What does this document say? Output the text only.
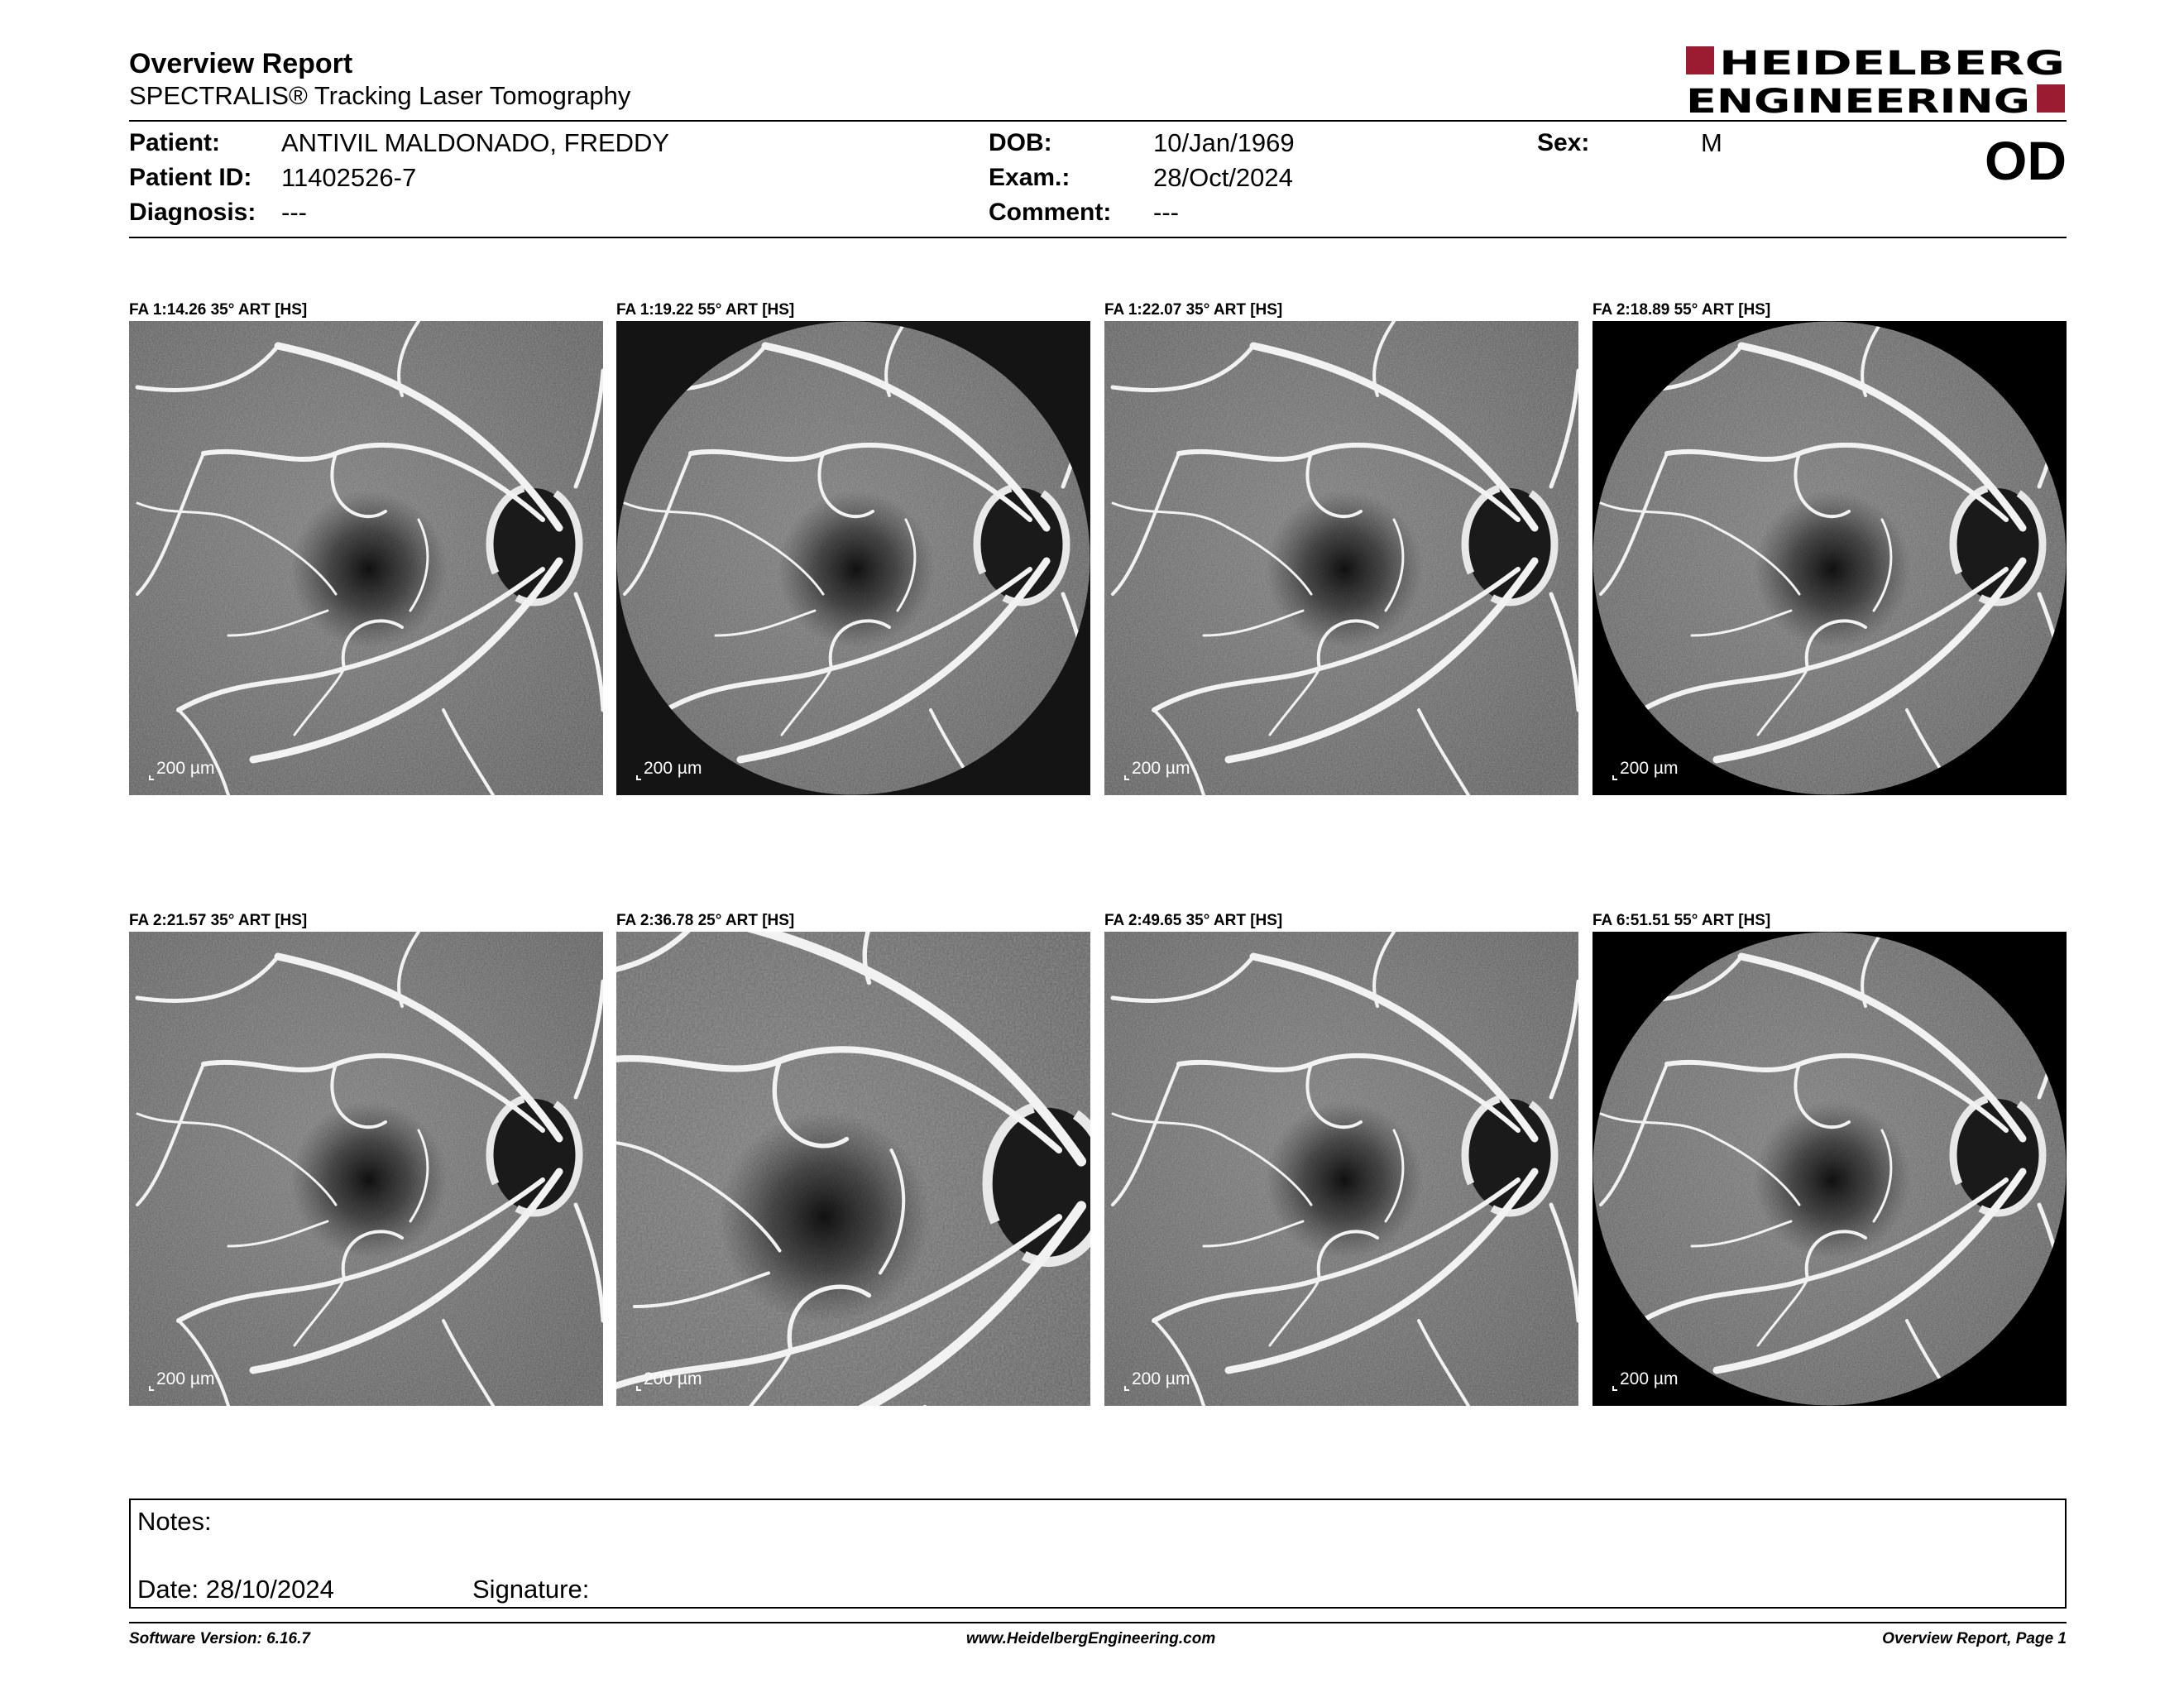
Overview Report
SPECTRALIS® Tracking Laser Tomography
HEIDELBERG
ENGINEERING
Patient: ANTIVIL MALDONADO, FREDDY
Patient ID: 11402526-7
Diagnosis: ---
DOB:	10/Jan/1969
Exam.:	28/Oct/2024
Comment: ---
Sex:	M	OD
FA 1:14.26 35° ART [HS]
200 µm
FA 1:19.22 55° ART [HS]
200 µm
FA 1:22.07 35° ART [HS]
200 µm
FA 2:18.89 55° ART [HS]
200 µm
FA 2:21.57 35° ART [HS]
200 µm
FA 2:36.78 25° ART [HS]
200 µm
FA 2:49.65 35° ART [HS]
200 µm
FA 6:51.51 55° ART [HS]
200 µm
Notes:
Date: 28/10/2024	Signature:
Software Version: 6.16.7	www.HeidelbergEngineering.com	Overview Report, Page 1
